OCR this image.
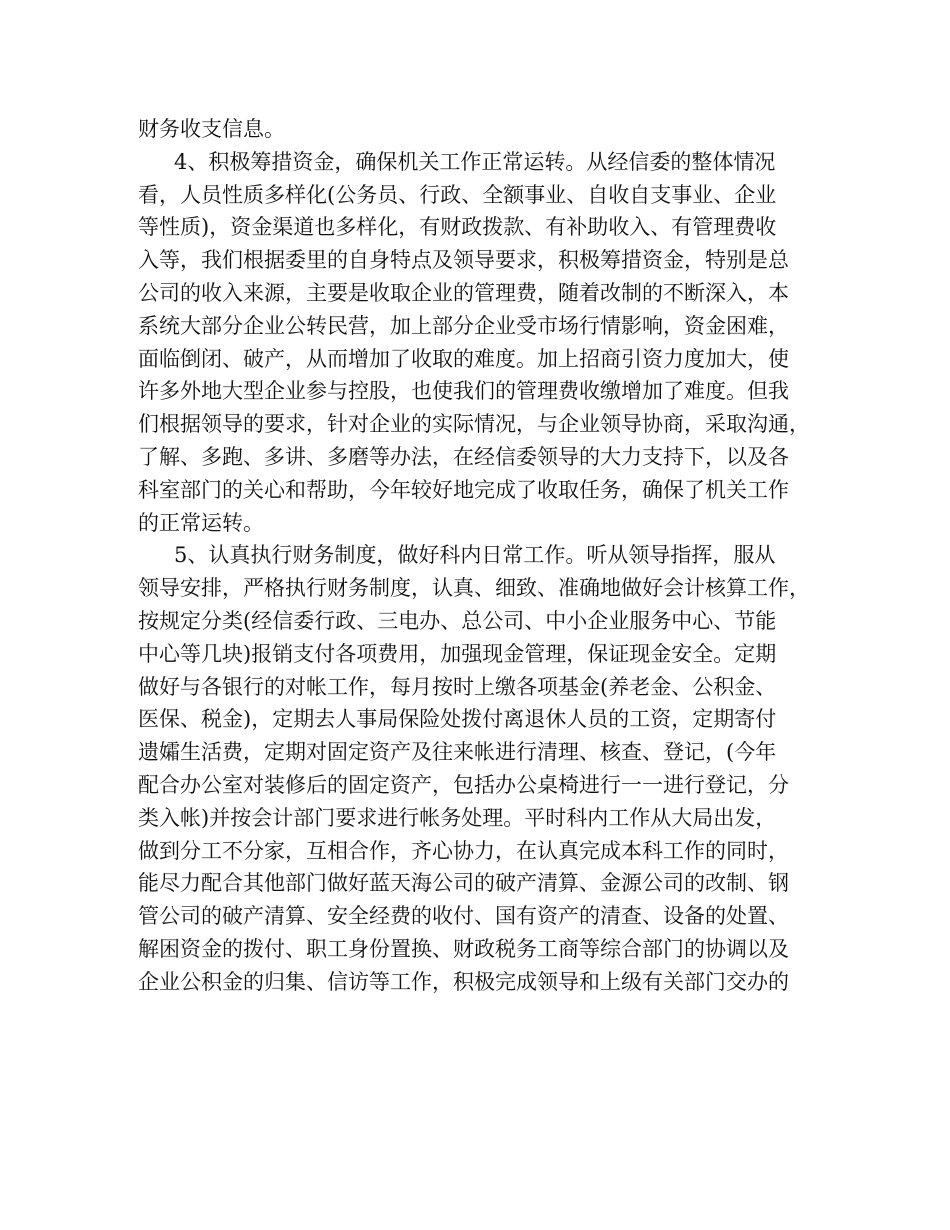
财务收支信息。
4、积极筹措资金，确保机关工作正常运转。从经信委的整体情况
看，人员性质多样化(公务员、行政、全额事业、自收自支事业、企业
等性质)，资金渠道也多样化，有财政拨款、有补助收入、有管理费收
入等，我们根据委里的自身特点及领导要求，积极筹措资金，特别是总
公司的收入来源，主要是收取企业的管理费，随着改制的不断深入，本
系统大部分企业公转民营，加上部分企业受市场行情影响，资金困难，
面临倒闭、破产，从而增加了收取的难度。加上招商引资力度加大，使
许多外地大型企业参与控股，也使我们的管理费收缴增加了难度。但我
们根据领导的要求，针对企业的实际情况，与企业领导协商，采取沟通，
了解、多跑、多讲、多磨等办法，在经信委领导的大力支持下，以及各
科室部门的关心和帮助，今年较好地完成了收取任务，确保了机关工作
的正常运转。
5、认真执行财务制度，做好科内日常工作。听从领导指挥，服从
领导安排，严格执行财务制度，认真、细致、准确地做好会计核算工作，
按规定分类(经信委行政、三电办、总公司、中小企业服务中心、节能
中心等几块)报销支付各项费用，加强现金管理，保证现金安全。定期
做好与各银行的对帐工作，每月按时上缴各项基金(养老金、公积金、
医保、税金)，定期去人事局保险处拨付离退休人员的工资，定期寄付
遗孀生活费，定期对固定资产及往来帐进行清理、核查、登记，(今年
配合办公室对装修后的固定资产，包括办公桌椅进行一一进行登记，分
类入帐)并按会计部门要求进行帐务处理。平时科内工作从大局出发，
做到分工不分家，互相合作，齐心协力，在认真完成本科工作的同时，
能尽力配合其他部门做好蓝天海公司的破产清算、金源公司的改制、钢
管公司的破产清算、安全经费的收付、国有资产的清查、设备的处置、
解困资金的拨付、职工身份置换、财政税务工商等综合部门的协调以及
企业公积金的归集、信访等工作，积极完成领导和上级有关部门交办的
